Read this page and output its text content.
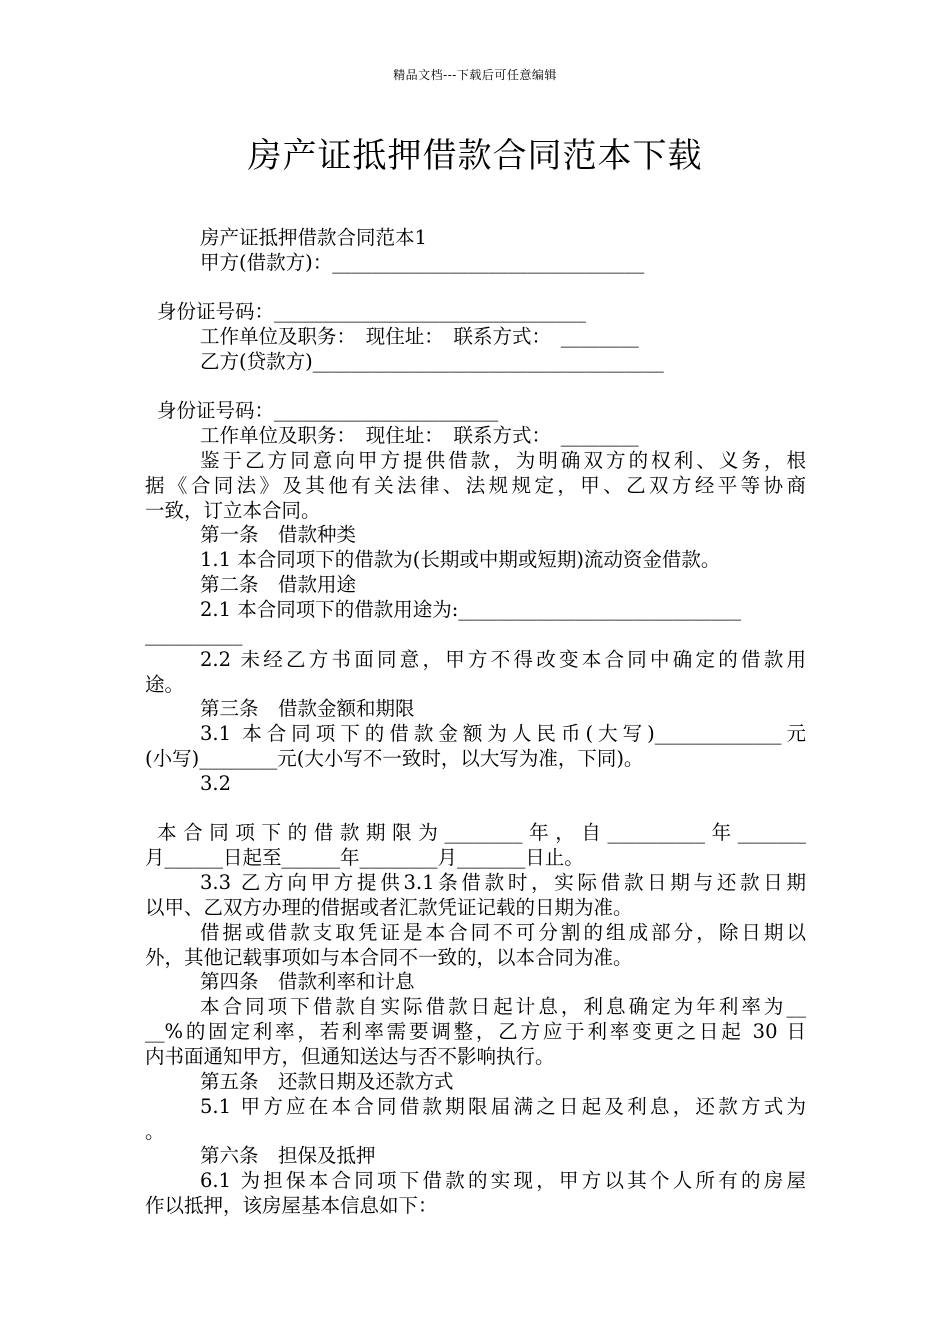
精品文档---下载后可任意编辑
房产证抵押借款合同范本下载
房产证抵押借款合同范本1
甲方(借款方)：________________________________
身份证号码：________________________________
工作单位及职务：　现住址：　联系方式：　________
乙方(贷款方)____________________________________
身份证号码：_______________________
工作单位及职务：　现住址：　联系方式：　________
鉴于乙方同意向甲方提供借款，为明确双方的权利、义务，根
据《合同法》及其他有关法律、法规规定，甲、乙双方经平等协商
一致，订立本合同。
第一条　借款种类
1.1 本合同项下的借款为(长期或中期或短期)流动资金借款。
第二条　借款用途
2.1 本合同项下的借款用途为:_____________________________
__________
2.2 未经乙方书面同意，甲方不得改变本合同中确定的借款用
途。
第三条　借款金额和期限
3.1 本合同项下的借款金额为人民币(大写)_____________元
(小写)________元(大小写不一致时，以大写为准，下同)。
3.2
本合同项下的借款期限为________年，自__________年_______
月______日起至______年________月_______日止。
3.3 乙方向甲方提供3.1条借款时，实际借款日期与还款日期
以甲、乙双方办理的借据或者汇款凭证记载的日期为准。
借据或借款支取凭证是本合同不可分割的组成部分，除日期以
外，其他记载事项如与本合同不一致的，以本合同为准。
第四条　借款利率和计息
本合同项下借款自实际借款日起计息，利息确定为年利率为__
__%的固定利率，若利率需要调整，乙方应于利率变更之日起 30 日
内书面通知甲方，但通知送达与否不影响执行。
第五条　还款日期及还款方式
5.1 甲方应在本合同借款期限届满之日起及利息，还款方式为
。
第六条　担保及抵押
6.1 为担保本合同项下借款的实现，甲方以其个人所有的房屋
作以抵押，该房屋基本信息如下：
